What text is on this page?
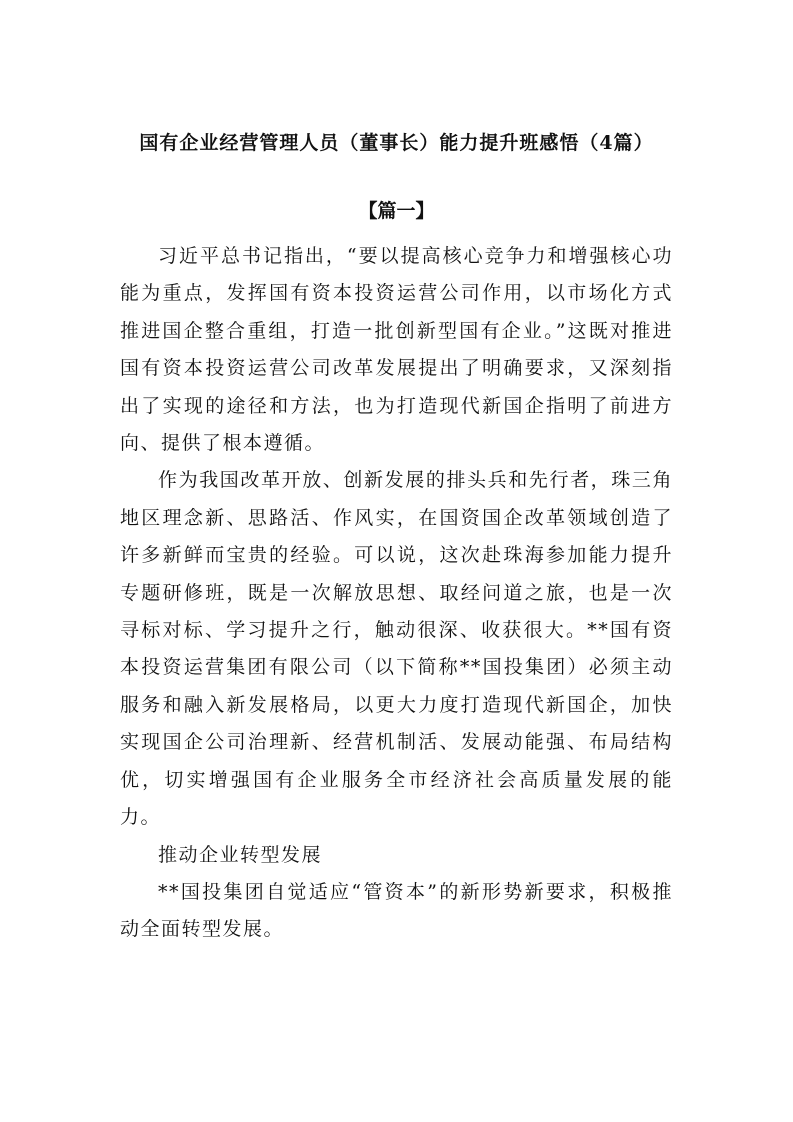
国有企业经营管理人员（董事长）能力提升班感悟（4篇）
【篇一】

习近平总书记指出，“要以提高核心竞争力和增强核心功能为重点，发挥国有资本投资运营公司作用，以市场化方式推进国企整合重组，打造一批创新型国有企业。”这既对推进国有资本投资运营公司改革发展提出了明确要求，又深刻指出了实现的途径和方法，也为打造现代新国企指明了前进方向、提供了根本遵循。

作为我国改革开放、创新发展的排头兵和先行者，珠三角地区理念新、思路活、作风实，在国资国企改革领域创造了许多新鲜而宝贵的经验。可以说，这次赴珠海参加能力提升专题研修班，既是一次解放思想、取经问道之旅，也是一次寻标对标、学习提升之行，触动很深、收获很大。**国有资本投资运营集团有限公司（以下简称**国投集团）必须主动服务和融入新发展格局，以更大力度打造现代新国企，加快实现国企公司治理新、经营机制活、发展动能强、布局结构优，切实增强国有企业服务全市经济社会高质量发展的能力。

推动企业转型发展

**国投集团自觉适应“管资本”的新形势新要求，积极推动全面转型发展。
